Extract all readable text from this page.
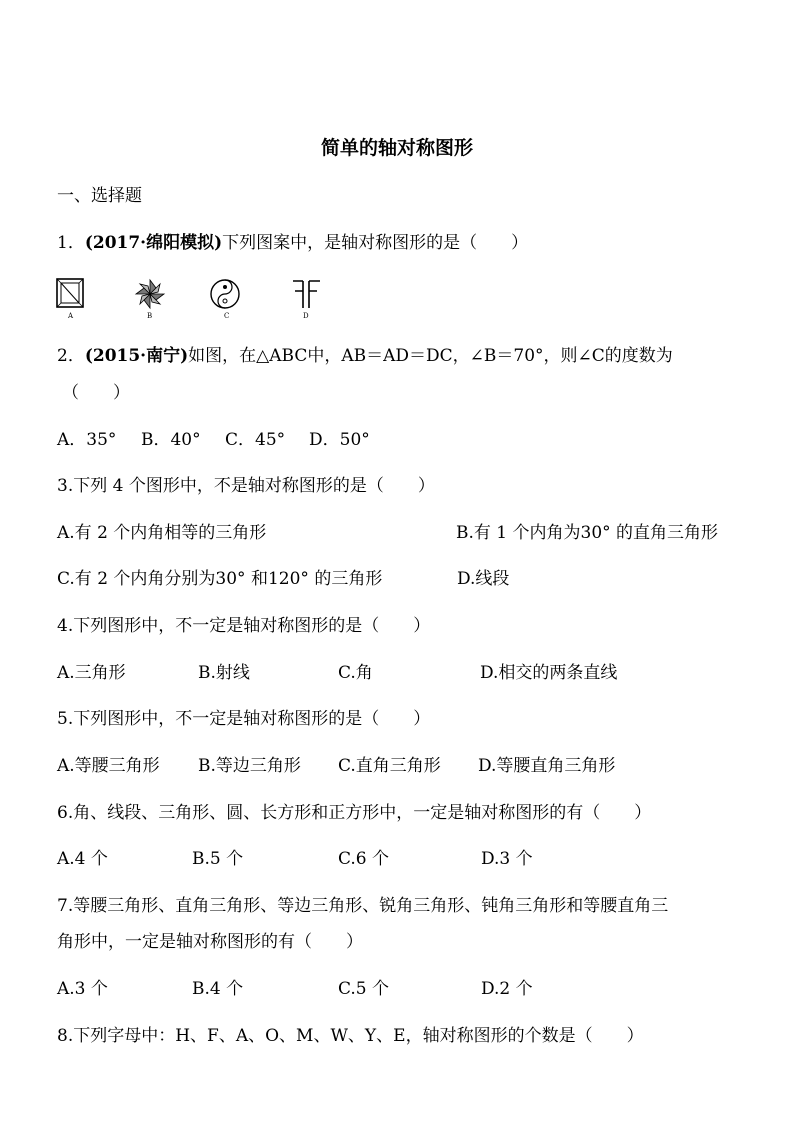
简单的轴对称图形
一、选择题
1．(2017·绵阳模拟)下列图案中，是轴对称图形的是（　　）
A	B	C	D
2．(2015·南宁)如图，在△ABC中，AB＝AD＝DC，∠B＝70°，则∠C的度数为
（　　）
A．35° B．40° C．45° D．50°
3.下列 4 个图形中，不是轴对称图形的是（　　）
A.有 2 个内角相等的三角形	B.有 1 个内角为30° 的直角三角形
C.有 2 个内角分别为30° 和120° 的三角形	D.线段
4.下列图形中，不一定是轴对称图形的是（　　）
A.三角形	B.射线	C.角	D.相交的两条直线
5.下列图形中，不一定是轴对称图形的是（　　）
A.等腰三角形 B.等边三角形 C.直角三角形 D.等腰直角三角形
6.角、线段、三角形、圆、长方形和正方形中，一定是轴对称图形的有（　　）
A.4 个	B.5 个	C.6 个	D.3 个
7.等腰三角形、直角三角形、等边三角形、锐角三角形、钝角三角形和等腰直角三
角形中，一定是轴对称图形的有（　　）
A.3 个	B.4 个	C.5 个	D.2 个
8.下列字母中：H、F、A、O、M、W、Y、E，轴对称图形的个数是（　　）
